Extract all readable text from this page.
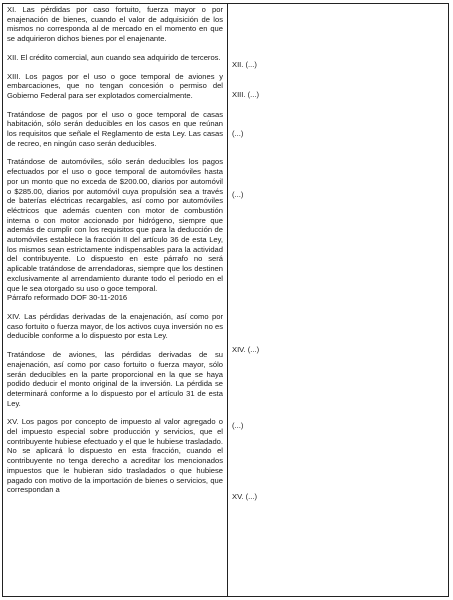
XI. Las pérdidas por caso fortuito, fuerza mayor o por enajenación de bienes, cuando el valor de adquisición de los mismos no corresponda al de mercado en el momento en que se adquirieron dichos bienes por el enajenante.

XII. El crédito comercial, aun cuando sea adquirido de terceros.

XIII. Los pagos por el uso o goce temporal de aviones y embarcaciones, que no tengan concesión o permiso del Gobierno Federal para ser explotados comercialmente.

Tratándose de pagos por el uso o goce temporal de casas habitación, sólo serán deducibles en los casos en que reúnan los requisitos que señale el Reglamento de esta Ley. Las casas de recreo, en ningún caso serán deducibles.

Tratándose de automóviles, sólo serán deducibles los pagos efectuados por el uso o goce temporal de automóviles hasta por un monto que no exceda de $200.00, diarios por automóvil o $285.00, diarios por automóvil cuya propulsión sea a través de baterías eléctricas recargables, así como por automóviles eléctricos que además cuenten con motor de combustión interna o con motor accionado por hidrógeno, siempre que además de cumplir con los requisitos que para la deducción de automóviles establece la fracción II del artículo 36 de esta Ley, los mismos sean estrictamente indispensables para la actividad del contribuyente. Lo dispuesto en este párrafo no será aplicable tratándose de arrendadoras, siempre que los destinen exclusivamente al arrendamiento durante todo el periodo en el que le sea otorgado su uso o goce temporal.

Párrafo reformado DOF 30-11-2016

XIV. Las pérdidas derivadas de la enajenación, así como por caso fortuito o fuerza mayor, de los activos cuya inversión no es deducible conforme a lo dispuesto por esta Ley.

Tratándose de aviones, las pérdidas derivadas de su enajenación, así como por caso fortuito o fuerza mayor, sólo serán deducibles en la parte proporcional en la que se haya podido deducir el monto original de la inversión. La pérdida se determinará conforme a lo dispuesto por el artículo 31 de esta Ley.

XV. Los pagos por concepto de impuesto al valor agregado o del impuesto especial sobre producción y servicios, que el contribuyente hubiese efectuado y el que le hubiese trasladado. No se aplicará lo dispuesto en esta fracción, cuando el contribuyente no tenga derecho a acreditar los mencionados impuestos que le hubieran sido trasladados o que hubiese pagado con motivo de la importación de bienes o servicios, que correspondan a

XII. (...)
XIII. (...)
(...)
(...)
XIV. (...)
(...)
XV. (...)
